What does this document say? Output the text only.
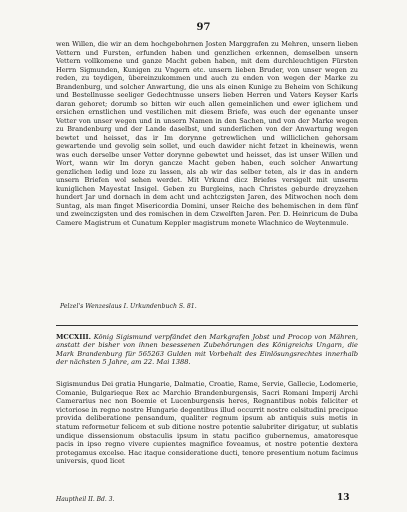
97
wen Willen, die wir an dem hochgebohrnen Josten Marggrafen zu Mehren, unsern lieben Vettern und Fursten, erfunden haben und genzlichen erkennen, demselben unsern Vettern vollkomene und ganze Macht geben haben, mit dem durchleuchtigen Fürsten Herrn Sigmunden, Kunigen zu Vngern etc. unsern lieben Bruder, von unser wegen zu reden, zu teydigen, übereinzukommen und auch zu enden von wegen der Marke zu Brandenburg, und solcher Anwartung, die uns als einen Kunige zu Beheim von Schikung und Bestellnusse seeliger Gedechtnusse unsers lieben Herren und Vaters Keyser Karls daran gehoret; dorumb so bitten wir euch allen gemeinlichen und ewer iglichem und ersichen ernstlichen und vestilichen mit diesem Briefe, was euch der egenante unser Vetter von unser wegen und in unsern Namen in den Sachen, und von der Marke wegen zu Brandenburg und der Lande daselbst, und sunderlichen von der Anwartung wegen bewtet und heisset, das ir Im dorynne getrewlichen und williclichen gehorsam gewartende und gevolig sein sollet, und euch dawider nicht fetzet in kheinewis, wenn was euch derselbe unser Vetter dorynne gebewtet und heisset, das ist unser Willen und Wort, wann wir Im doryn gancze Macht geben haben, euch solcher Anwartung genzlichen ledig und loze zu lassen, als ab wir das selber teten, als ir das in andern unsern Briefen wol sehen werdet. Mit Vrkund dicz Briefes versigelt mit unserm kuniglichen Mayestat Insigel. Geben zu Burgleins, nach Christes geburde dreyzehen hundert Jar und dornach in dem acht und achtczigsten Jaren, des Mitwochen noch dem Suntag, als man finget Misericordia Domini, unser Reiche des behemischen in dem fünf und zweinczigsten und des romischen in dem Czwelften Jaren. Per. D. Heinricum de Duba Camere Magistrum et Cunatum Keppler magistrum monete Wlachnico de Weytenmule.
Pelzel's Wenzeslaus I. Urkundenbuch S. 81.
MCCXIII. König Sigismund verpfändet den Markgrafen Jobst und Procop von Mähren, anstatt der bisher von ihnen besessenen Zubehörungen des Königreichs Ungarn, die Mark Brandenburg für 565263 Gulden mit Vorbehalt des Einlösungsrechtes innerhalb der nächsten 5 Jahre, am 22. Mai 1388.
Sigismundus Dei gratia Hungarie, Dalmatie, Croatie, Rame, Servie, Gallecie, Lodomerie, Comanie, Bulgarieque Rex ac Marchio Brandenburgensis, Sacri Romani Imperij Archi Camerarius nec non Boemie et Lucenburgensis heres, Regnantibus nobis feliciter et victoriose in regno nostre Hungarie degentibus illud occurrit nostre celsitudini precipue provida deliberatione pensandum, qualiter regnum ipsum ab antiquis suis metis in statum reformetur felicem et sub ditione nostre potentie salubriter dirigatur, ut sublatis undique dissensionum obstaculis ipsum in statu pacifico gubernemus, amatoresque pacis in ipso regno vivere cupientes magnifice foveamus, et nostre potentie dextera protegamus excelse. Hac itaque consideratione ducti, tenore presentium notum facimus universis, quod licet
Hauptheil II. Bd. 3.	13
